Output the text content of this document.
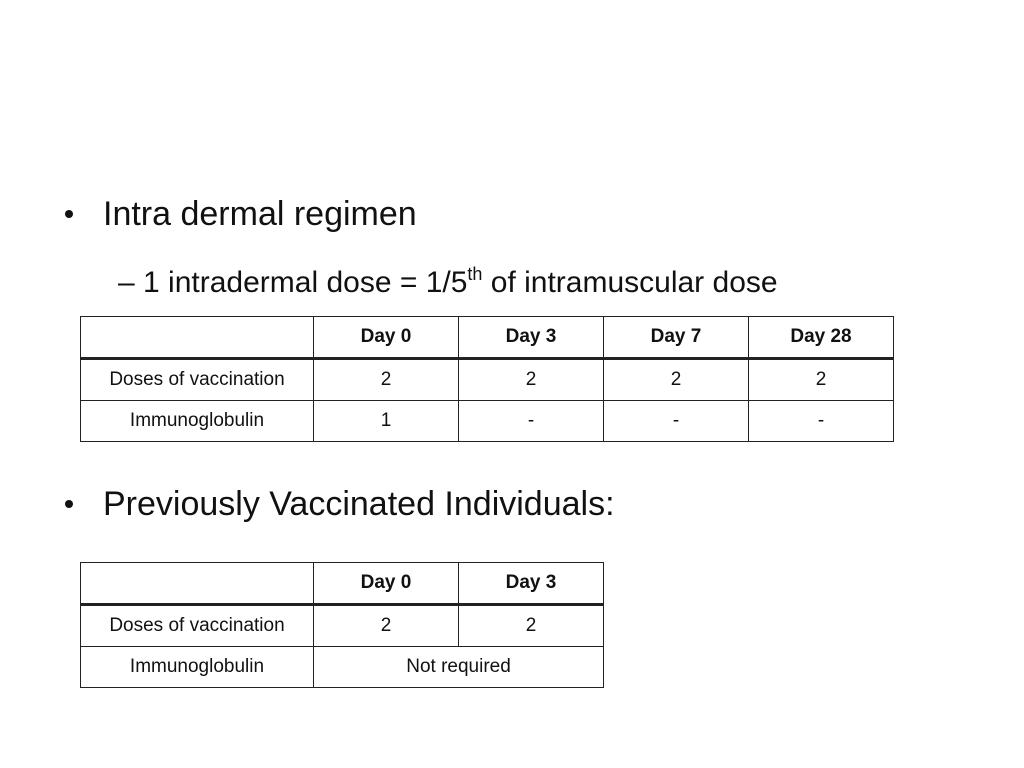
Intra dermal regimen
– 1 intradermal dose = 1/5th of intramuscular dose
	Day 0	Day 3	Day 7	Day 28
Doses of vaccination	2	2	2	2
Immunoglobulin	1	-	-	-
Previously Vaccinated Individuals:
	Day 0	Day 3
Doses of vaccination	2	2
Immunoglobulin	Not required	
